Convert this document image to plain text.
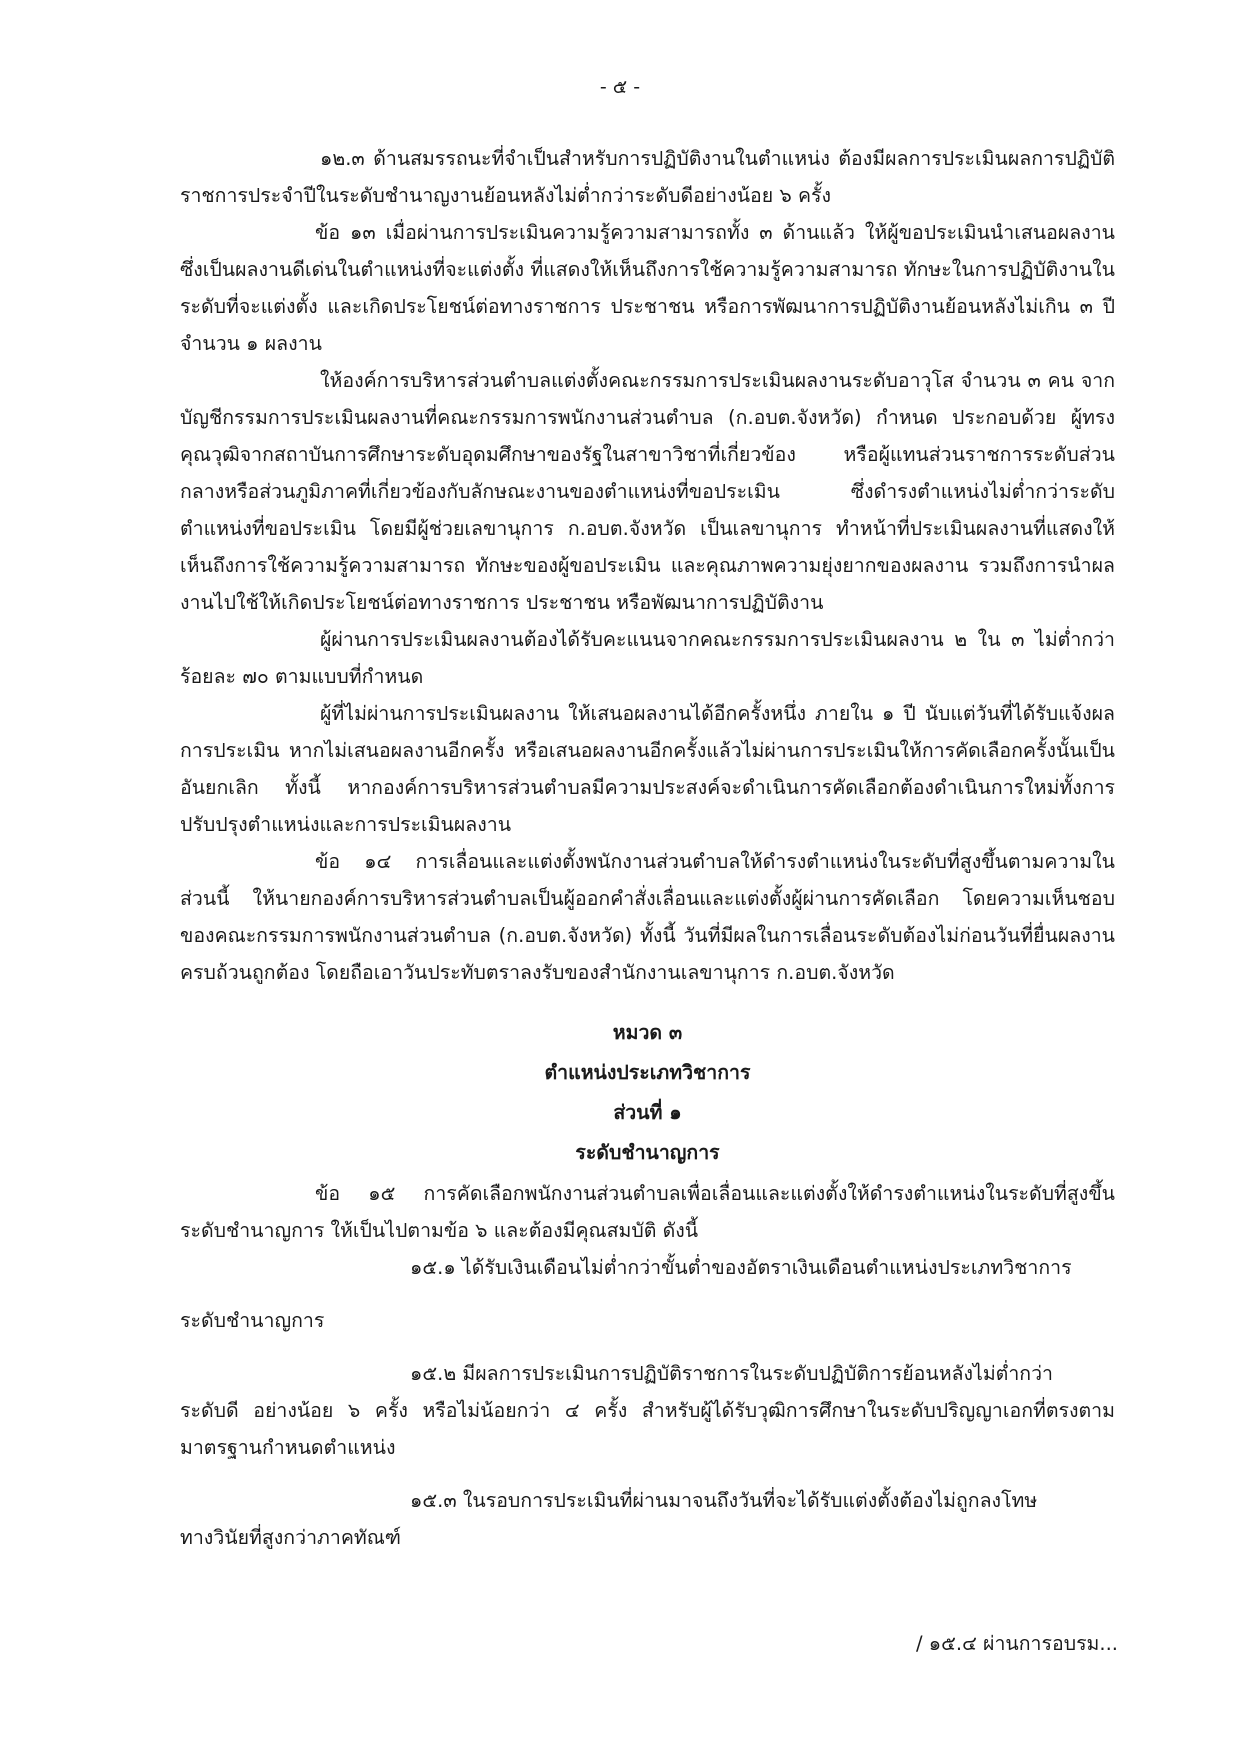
- ๕ -

๑๒.๓ ด้านสมรรถนะที่จำเป็นสำหรับการปฏิบัติงานในตำแหน่ง ต้องมีผลการประเมินผลการปฏิบัติราชการประจำปีในระดับชำนาญงานย้อนหลังไม่ต่ำกว่าระดับดีอย่างน้อย ๖ ครั้ง

ข้อ ๑๓ เมื่อผ่านการประเมินความรู้ความสามารถทั้ง ๓ ด้านแล้ว ให้ผู้ขอประเมินนำเสนอผลงานซึ่งเป็นผลงานดีเด่นในตำแหน่งที่จะแต่งตั้ง ที่แสดงให้เห็นถึงการใช้ความรู้ความสามารถ ทักษะในการปฏิบัติงานในระดับที่จะแต่งตั้ง และเกิดประโยชน์ต่อทางราชการ ประชาชน หรือการพัฒนาการปฏิบัติงานย้อนหลังไม่เกิน ๓ ปี จำนวน ๑ ผลงาน

ให้องค์การบริหารส่วนตำบลแต่งตั้งคณะกรรมการประเมินผลงานระดับอาวุโส จำนวน ๓ คน จากบัญชีกรรมการประเมินผลงานที่คณะกรรมการพนักงานส่วนตำบล (ก.อบต.จังหวัด) กำหนด ประกอบด้วย ผู้ทรงคุณวุฒิจากสถาบันการศึกษาระดับอุดมศึกษาของรัฐในสาขาวิชาที่เกี่ยวข้อง หรือผู้แทนส่วนราชการระดับส่วนกลางหรือส่วนภูมิภาคที่เกี่ยวข้องกับลักษณะงานของตำแหน่งที่ขอประเมิน ซึ่งดำรงตำแหน่งไม่ต่ำกว่าระดับตำแหน่งที่ขอประเมิน โดยมีผู้ช่วยเลขานุการ ก.อบต.จังหวัด เป็นเลขานุการ ทำหน้าที่ประเมินผลงานที่แสดงให้เห็นถึงการใช้ความรู้ความสามารถ ทักษะของผู้ขอประเมิน และคุณภาพความยุ่งยากของผลงาน รวมถึงการนำผลงานไปใช้ให้เกิดประโยชน์ต่อทางราชการ ประชาชน หรือพัฒนาการปฏิบัติงาน

ผู้ผ่านการประเมินผลงานต้องได้รับคะแนนจากคณะกรรมการประเมินผลงาน ๒ ใน ๓ ไม่ต่ำกว่าร้อยละ ๗๐ ตามแบบที่กำหนด

ผู้ที่ไม่ผ่านการประเมินผลงาน ให้เสนอผลงานได้อีกครั้งหนึ่ง ภายใน ๑ ปี นับแต่วันที่ได้รับแจ้งผลการประเมิน หากไม่เสนอผลงานอีกครั้ง หรือเสนอผลงานอีกครั้งแล้วไม่ผ่านการประเมินให้การคัดเลือกครั้งนั้นเป็นอันยกเลิก ทั้งนี้ หากองค์การบริหารส่วนตำบลมีความประสงค์จะดำเนินการคัดเลือกต้องดำเนินการใหม่ทั้งการปรับปรุงตำแหน่งและการประเมินผลงาน

ข้อ ๑๔ การเลื่อนและแต่งตั้งพนักงานส่วนตำบลให้ดำรงตำแหน่งในระดับที่สูงขึ้นตามความในส่วนนี้ ให้นายกองค์การบริหารส่วนตำบลเป็นผู้ออกคำสั่งเลื่อนและแต่งตั้งผู้ผ่านการคัดเลือก โดยความเห็นชอบของคณะกรรมการพนักงานส่วนตำบล (ก.อบต.จังหวัด) ทั้งนี้ วันที่มีผลในการเลื่อนระดับต้องไม่ก่อนวันที่ยื่นผลงานครบถ้วนถูกต้อง โดยถือเอาวันประทับตราลงรับของสำนักงานเลขานุการ ก.อบต.จังหวัด

หมวด ๓

ตำแหน่งประเภทวิชาการ

ส่วนที่ ๑

ระดับชำนาญการ

ข้อ ๑๕ การคัดเลือกพนักงานส่วนตำบลเพื่อเลื่อนและแต่งตั้งให้ดำรงตำแหน่งในระดับที่สูงขึ้น ระดับชำนาญการ ให้เป็นไปตามข้อ ๖ และต้องมีคุณสมบัติ ดังนี้

๑๕.๑ ได้รับเงินเดือนไม่ต่ำกว่าขั้นต่ำของอัตราเงินเดือนตำแหน่งประเภทวิชาการ
ระดับชำนาญการ
๑๕.๒ มีผลการประเมินการปฏิบัติราชการในระดับปฏิบัติการย้อนหลังไม่ต่ำกว่า
ระดับดี อย่างน้อย ๖ ครั้ง หรือไม่น้อยกว่า ๔ ครั้ง สำหรับผู้ได้รับวุฒิการศึกษาในระดับปริญญาเอกที่ตรงตามมาตรฐานกำหนดตำแหน่ง
๑๕.๓ ในรอบการประเมินที่ผ่านมาจนถึงวันที่จะได้รับแต่งตั้งต้องไม่ถูกลงโทษ
ทางวินัยที่สูงกว่าภาคทัณฑ์
/ ๑๕.๔ ผ่านการอบรม...
